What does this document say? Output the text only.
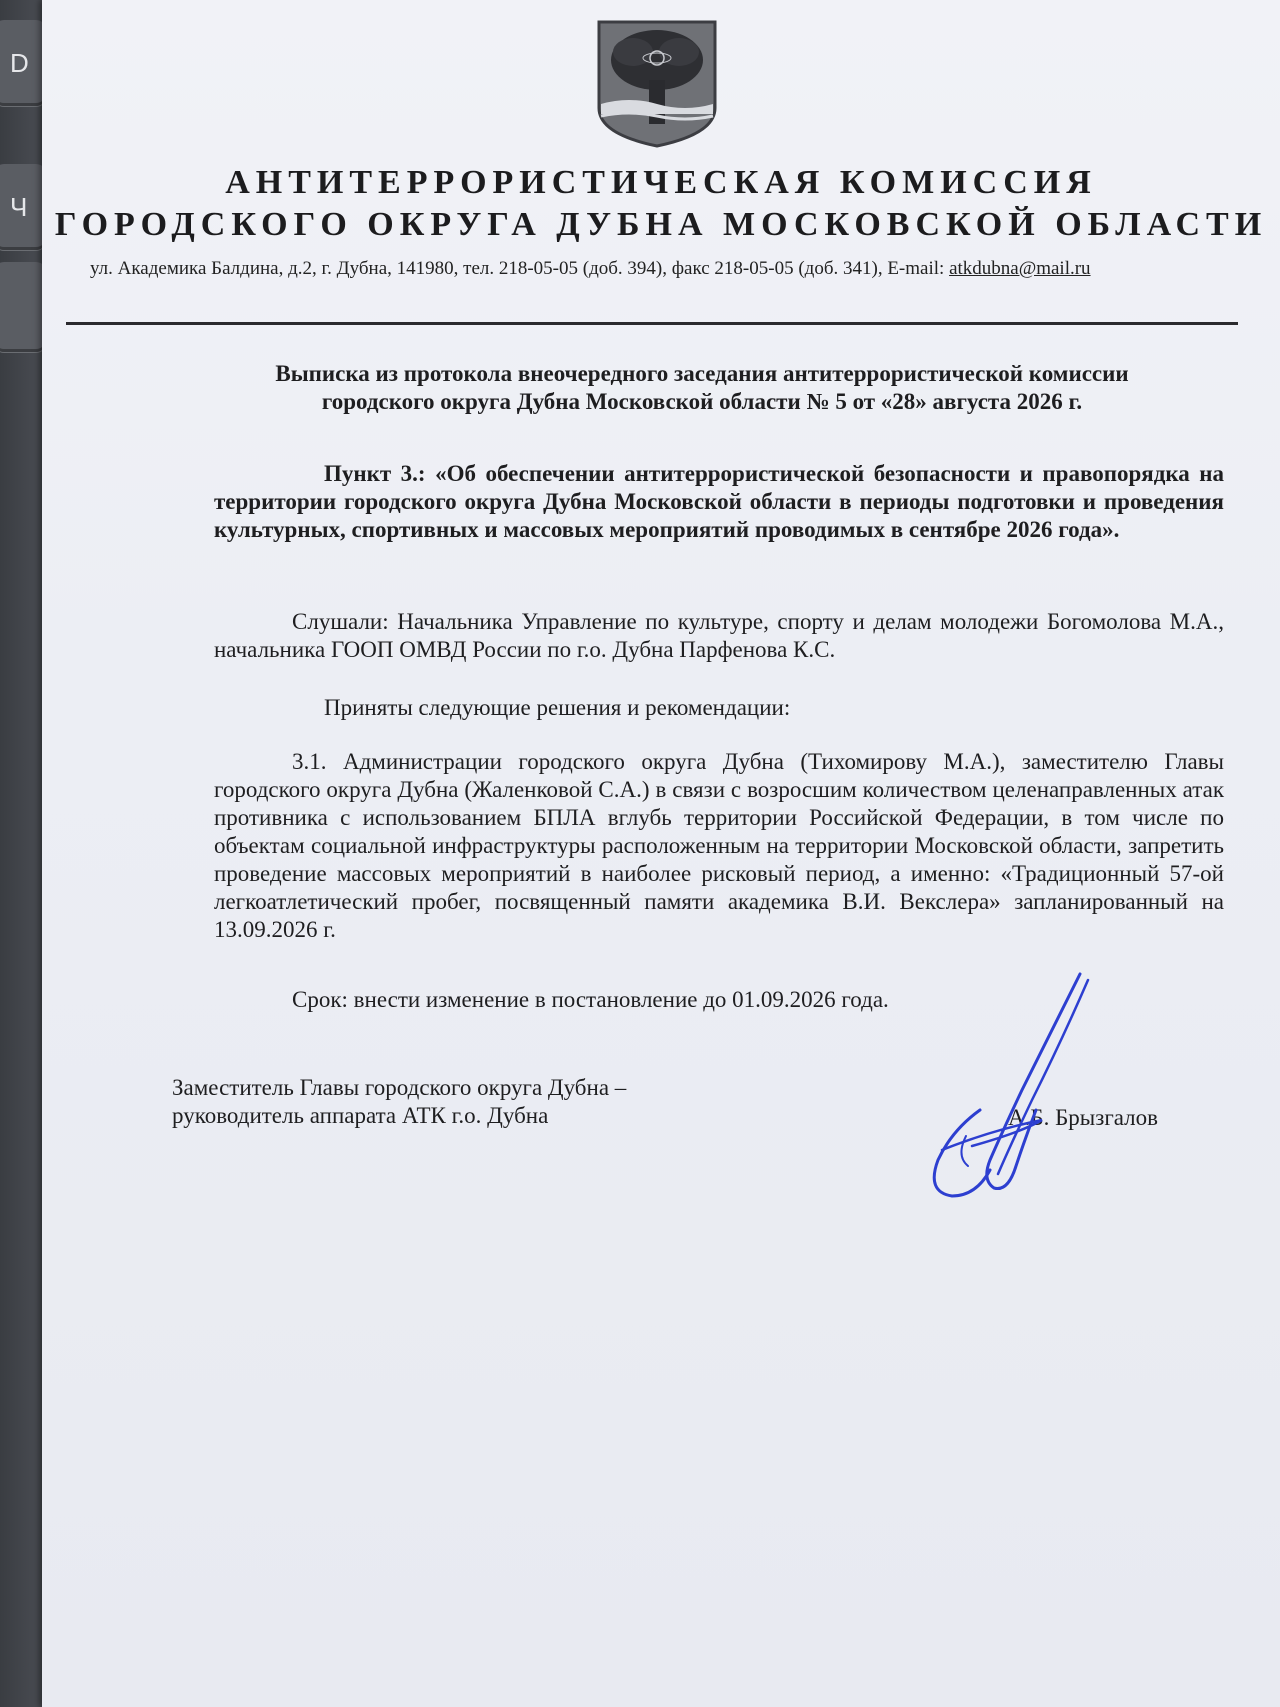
D
Ч
АНТИТЕРРОРИСТИЧЕСКАЯ КОМИССИЯ
ГОРОДСКОГО ОКРУГА ДУБНА МОСКОВСКОЙ ОБЛАСТИ
ул. Академика Балдина, д.2, г. Дубна, 141980, тел. 218-05-05 (доб. 394), факс 218-05-05 (доб. 341), E-mail: atkdubna@mail.ru
Выписка из протокола внеочередного заседания антитеррористической комиссии
городского округа Дубна Московской области № 5 от «28» августа 2026 г.
Пункт 3.: «Об обеспечении антитеррористической безопасности и правопорядка на территории городского округа Дубна Московской области в периоды подготовки и проведения культурных, спортивных и массовых мероприятий проводимых в сентябре 2026 года».
Слушали: Начальника Управление по культуре, спорту и делам молодежи Богомолова М.А., начальника ГООП ОМВД России по г.о. Дубна Парфенова К.С.
Приняты следующие решения и рекомендации:
3.1. Администрации городского округа Дубна (Тихомирову М.А.), заместителю Главы городского округа Дубна (Жаленковой С.А.) в связи с возросшим количеством целенаправленных атак противника с использованием БПЛА вглубь территории Российской Федерации, в том числе по объектам социальной инфраструктуры расположенным на территории Московской области, запретить проведение массовых мероприятий в наиболее рисковый период, а именно: «Традиционный 57-ой легкоатлетический пробег, посвященный памяти академика В.И. Векслера» запланированный на 13.09.2026 г.
Срок: внести изменение в постановление до 01.09.2026 года.
Заместитель Главы городского округа Дубна –
руководитель аппарата АТК г.о. Дубна	А.Б. Брызгалов
